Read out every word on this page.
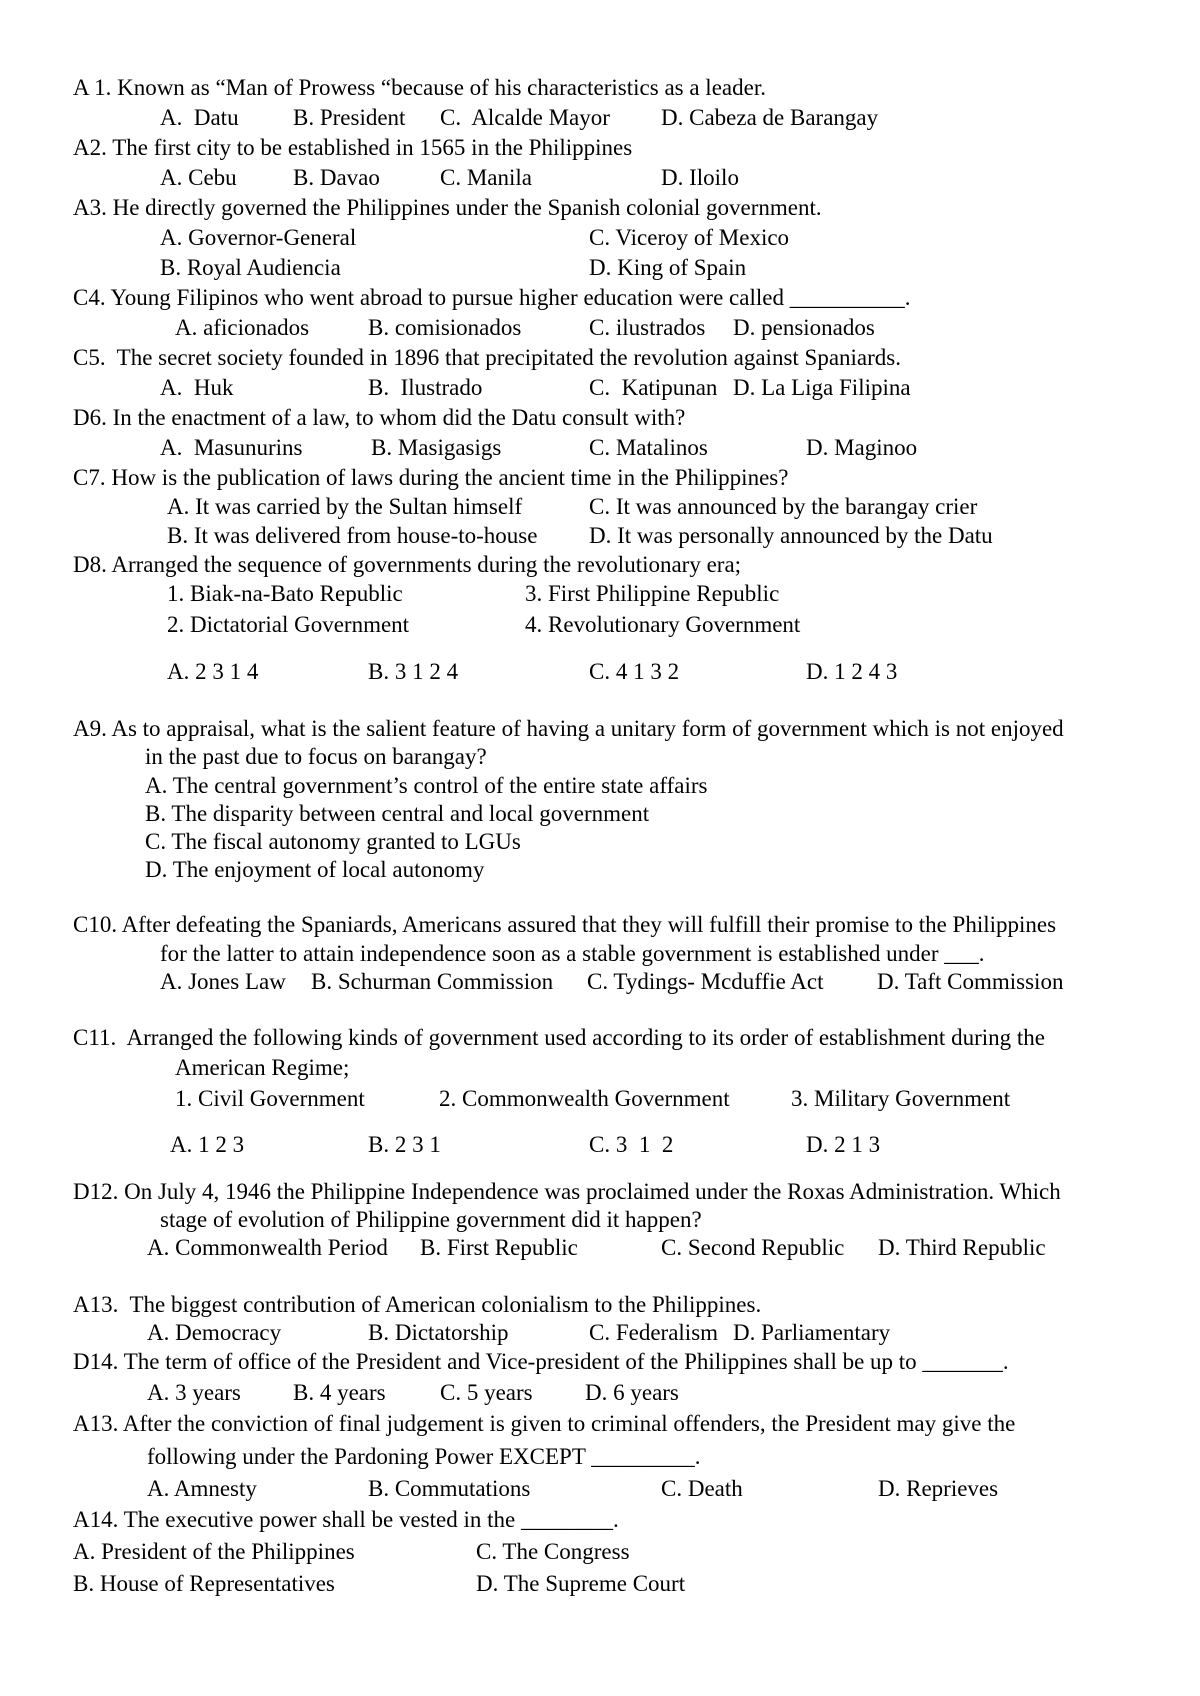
A 1. Known as “Man of Prowess “because of his characteristics as a leader.
A.  Datu B. President C.  Alcalde Mayor D. Cabeza de Barangay
A2. The first city to be established in 1565 in the Philippines
A. Cebu B. Davao	C. Manila	D. Iloilo
A3. He directly governed the Philippines under the Spanish colonial government.
A. Governor-General	C. Viceroy of Mexico
B. Royal Audiencia	D. King of Spain
C4. Young Filipinos who went abroad to pursue higher education were called __________.
A. aficionados	B. comisionados	C. ilustrados D. pensionados
C5.  The secret society founded in 1896 that precipitated the revolution against Spaniards.
A.  Huk	B.  Ilustrado	C.  Katipunan D. La Liga Filipina
D6. In the enactment of a law, to whom did the Datu consult with?
A.  Masunurins	B. Masigasigs	C. Matalinos	D. Maginoo
C7. How is the publication of laws during the ancient time in the Philippines?
A. It was carried by the Sultan himself	C. It was announced by the barangay crier
B. It was delivered from house-to-house D. It was personally announced by the Datu
D8. Arranged the sequence of governments during the revolutionary era;
1. Biak-na-Bato Republic	3. First Philippine Republic
2. Dictatorial Government	4. Revolutionary Government
A. 2 3 1 4	B. 3 1 2 4	C. 4 1 3 2	D. 1 2 4 3
A9. As to appraisal, what is the salient feature of having a unitary form of government which is not enjoyed
in the past due to focus on barangay?
A. The central government’s control of the entire state affairs
B. The disparity between central and local government
C. The fiscal autonomy granted to LGUs
D. The enjoyment of local autonomy
C10. After defeating the Spaniards, Americans assured that they will fulfill their promise to the Philippines
for the latter to attain independence soon as a stable government is established under ___.
A. Jones Law B. Schurman Commission C. Tydings- Mcduffie Act D. Taft Commission
C11.  Arranged the following kinds of government used according to its order of establishment during the
American Regime;
1. Civil Government	2. Commonwealth Government	3. Military Government
A. 1 2 3	B. 2 3 1	C. 3  1  2	D. 2 1 3
D12. On July 4, 1946 the Philippine Independence was proclaimed under the Roxas Administration. Which
stage of evolution of Philippine government did it happen?
A. Commonwealth Period B. First Republic	C. Second Republic D. Third Republic
A13.  The biggest contribution of American colonialism to the Philippines.
A. Democracy	B. Dictatorship	C. Federalism D. Parliamentary
D14. The term of office of the President and Vice-president of the Philippines shall be up to _______.
A. 3 years B. 4 years C. 5 years D. 6 years
A13. After the conviction of final judgement is given to criminal offenders, the President may give the
following under the Pardoning Power EXCEPT _________.
A. Amnesty	B. Commutations	C. Death	D. Reprieves
A14. The executive power shall be vested in the ________.
A. President of the Philippines	C. The Congress
B. House of Representatives	D. The Supreme Court
